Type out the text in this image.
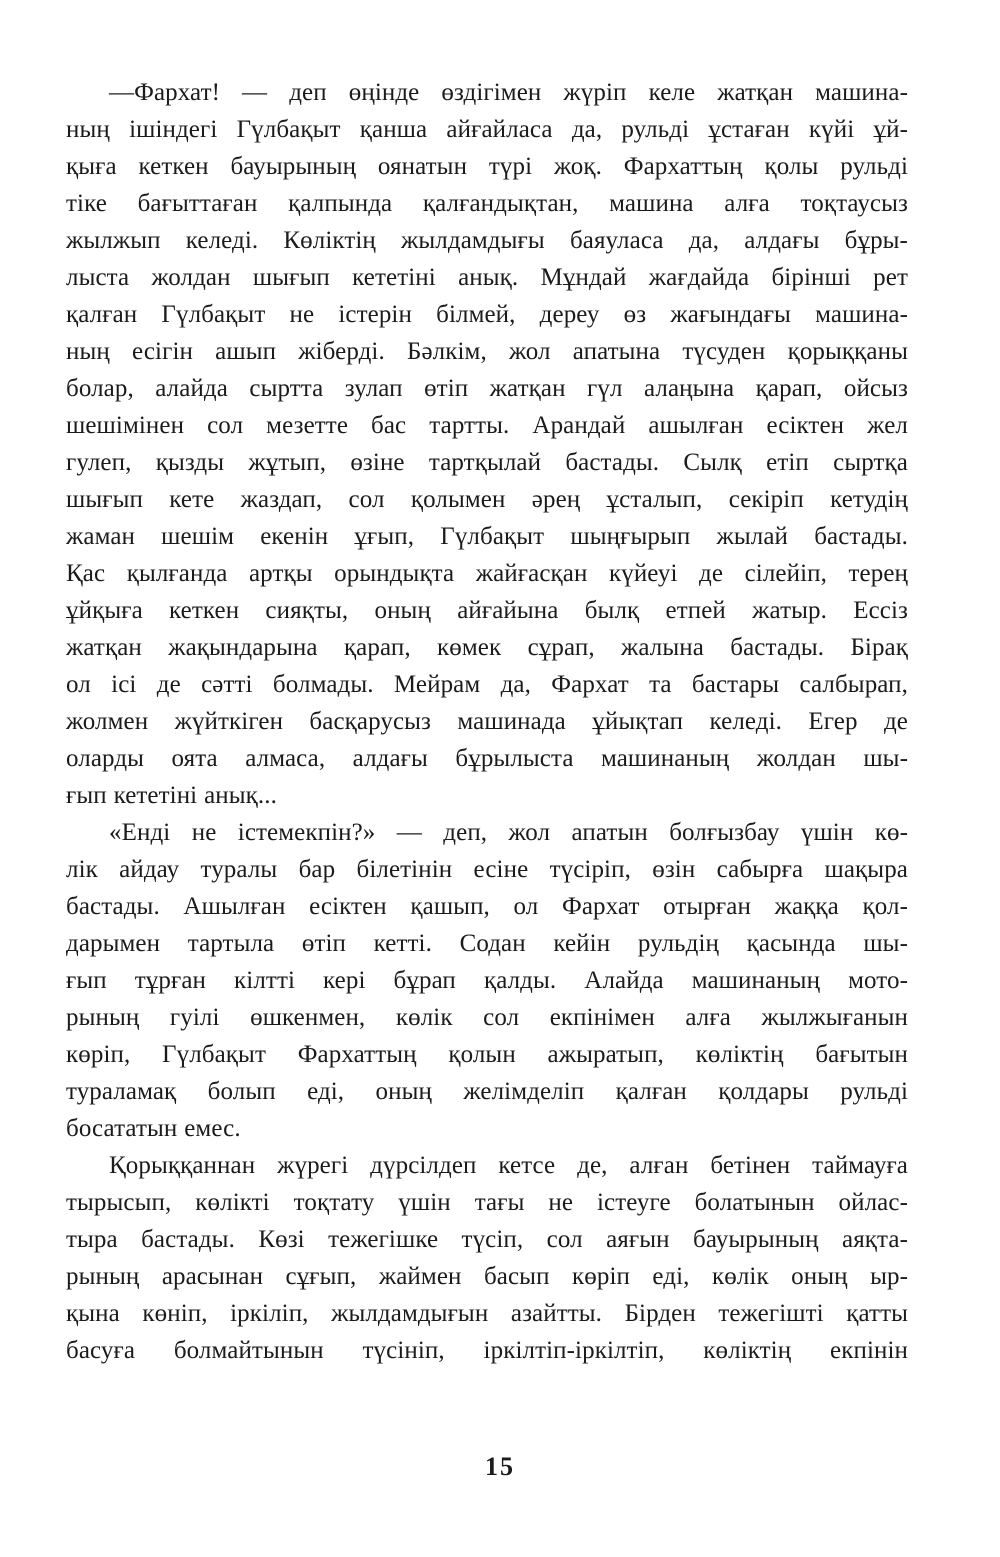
—Фархат! — деп өңінде өздігімен жүріп келе жатқан машина-
ның ішіндегі Гүлбақыт қанша айғайласа да, рульді ұстаған күйі ұй-
қыға кеткен бауырының оянатын түрі жоқ. Фархаттың қолы рульді
тіке бағыттаған қалпында қалғандықтан, машина алға тоқтаусыз
жылжып келеді. Көліктің жылдамдығы баяуласа да, алдағы бұры-
лыста жолдан шығып кететіні анық. Мұндай жағдайда бірінші рет
қалған Гүлбақыт не істерін білмей, дереу өз жағындағы машина-
ның есігін ашып жіберді. Бәлкім, жол апатына түсуден қорыққаны
болар, алайда сыртта зулап өтіп жатқан гүл алаңына қарап, ойсыз
шешімінен сол мезетте бас тартты. Арандай ашылған есіктен жел
гулеп, қызды жұтып, өзіне тартқылай бастады. Сылқ етіп сыртқа
шығып кете жаздап, сол қолымен әрең ұсталып, секіріп кетудің
жаман шешім екенін ұғып, Гүлбақыт шыңғырып жылай бастады.
Қас қылғанда артқы орындықта жайғасқан күйеуі де сілейіп, терең
ұйқыға кеткен сияқты, оның айғайына былқ етпей жатыр. Ессіз
жатқан жақындарына қарап, көмек сұрап, жалына бастады. Бірақ
ол ісі де сәтті болмады. Мейрам да, Фархат та бастары салбырап,
жолмен жүйткіген басқарусыз машинада ұйықтап келеді. Егер де
оларды оята алмаса, алдағы бұрылыста машинаның жолдан шы-
ғып кететіні анық...
«Енді не істемекпін?» — деп, жол апатын болғызбау үшін кө-
лік айдау туралы бар білетінін есіне түсіріп, өзін сабырға шақыра
бастады. Ашылған есіктен қашып, ол Фархат отырған жаққа қол-
дарымен тартыла өтіп кетті. Содан кейін рульдің қасында шы-
ғып тұрған кілтті кері бұрап қалды. Алайда машинаның мото-
рының гуілі өшкенмен, көлік сол екпінімен алға жылжығанын
көріп, Гүлбақыт Фархаттың қолын ажыратып, көліктің бағытын
тураламақ болып еді, оның желімделіп қалған қолдары рульді
босататын емес.
Қорыққаннан жүрегі дүрсілдеп кетсе де, алған бетінен таймауға
тырысып, көлікті тоқтату үшін тағы не істеуге болатынын ойлас-
тыра бастады. Көзі тежегішке түсіп, сол аяғын бауырының аяқта-
рының арасынан сұғып, жаймен басып көріп еді, көлік оның ыр-
қына көніп, іркіліп, жылдамдығын азайтты. Бірден тежегішті қатты
басуға болмайтынын түсініп, іркілтіп-іркілтіп, көліктің екпінін
15
